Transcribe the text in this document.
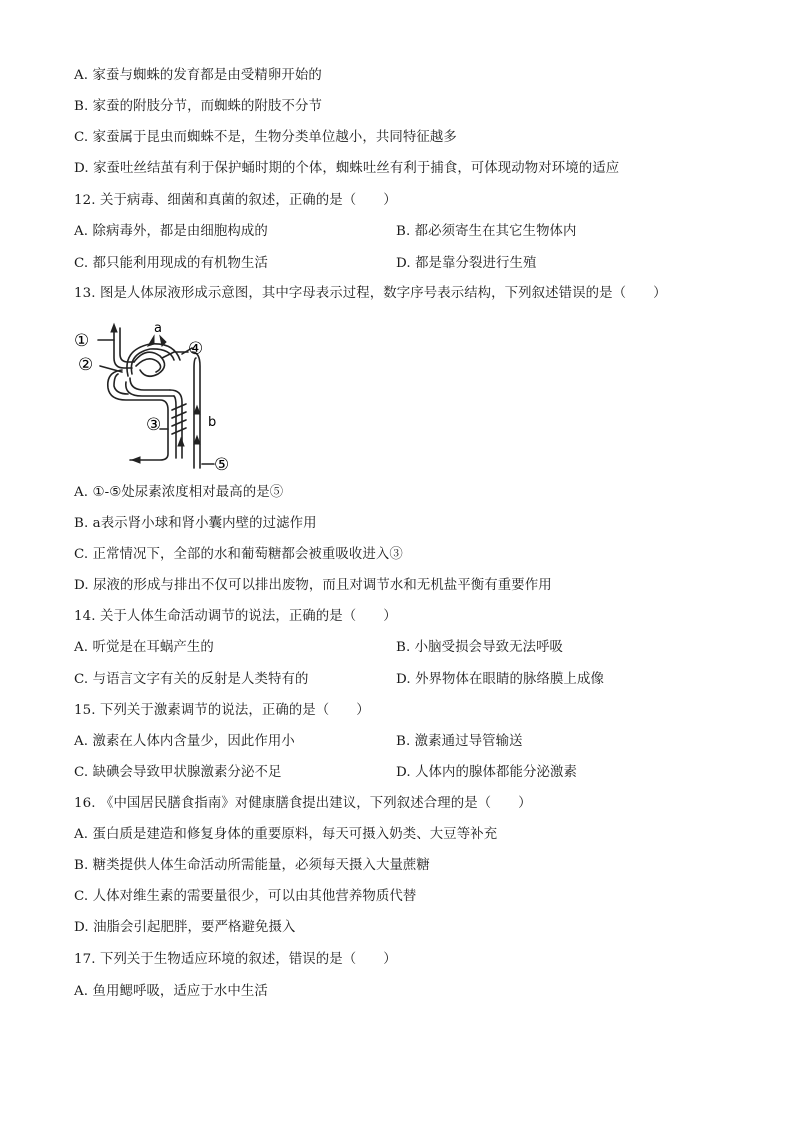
A. 家蚕与蜘蛛的发育都是由受精卵开始的
B. 家蚕的附肢分节，而蜘蛛的附肢不分节
C. 家蚕属于昆虫而蜘蛛不是，生物分类单位越小，共同特征越多
D. 家蚕吐丝结茧有利于保护蛹时期的个体，蜘蛛吐丝有利于捕食，可体现动物对环境的适应
12. 关于病毒、细菌和真菌的叙述，正确的是（　　）
A. 除病毒外，都是由细胞构成的	B. 都必须寄生在其它生物体内
C. 都只能利用现成的有机物生活	D. 都是靠分裂进行生殖
13. 图是人体尿液形成示意图，其中字母表示过程，数字序号表示结构，下列叙述错误的是（　　）
①
②
③
④
⑤
a
b
A. ①-⑤处尿素浓度相对最高的是⑤
B. a表示肾小球和肾小囊内壁的过滤作用
C. 正常情况下，全部的水和葡萄糖都会被重吸收进入③
D. 尿液的形成与排出不仅可以排出废物，而且对调节水和无机盐平衡有重要作用
14. 关于人体生命活动调节的说法，正确的是（　　）
A. 听觉是在耳蜗产生的	B. 小脑受损会导致无法呼吸
C. 与语言文字有关的反射是人类特有的	D. 外界物体在眼睛的脉络膜上成像
15. 下列关于激素调节的说法，正确的是（　　）
A. 激素在人体内含量少，因此作用小	B. 激素通过导管输送
C. 缺碘会导致甲状腺激素分泌不足	D. 人体内的腺体都能分泌激素
16. 《中国居民膳食指南》对健康膳食提出建议，下列叙述合理的是（　　）
A. 蛋白质是建造和修复身体的重要原料，每天可摄入奶类、大豆等补充
B. 糖类提供人体生命活动所需能量，必须每天摄入大量蔗糖
C. 人体对维生素的需要量很少，可以由其他营养物质代替
D. 油脂会引起肥胖，要严格避免摄入
17. 下列关于生物适应环境的叙述，错误的是（　　）
A. 鱼用鳃呼吸，适应于水中生活
